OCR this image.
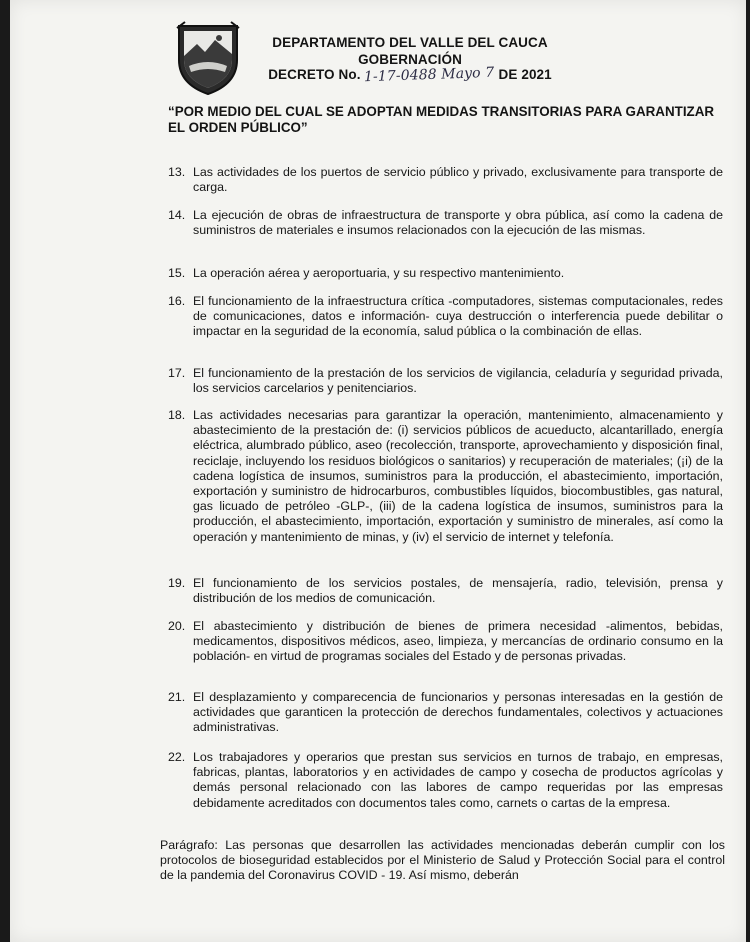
DEPARTAMENTO DEL VALLE DEL CAUCA
GOBERNACIÓN
DECRETO No. 1-17-0488 Mayo 7 DE 2021
“POR MEDIO DEL CUAL SE ADOPTAN MEDIDAS TRANSITORIAS PARA GARANTIZAR EL ORDEN PÚBLICO”
13. Las actividades de los puertos de servicio público y privado, exclusivamente para transporte de carga.
14. La ejecución de obras de infraestructura de transporte y obra pública, así como la cadena de suministros de materiales e insumos relacionados con la ejecución de las mismas.
15. La operación aérea y aeroportuaria, y su respectivo mantenimiento.
16. El funcionamiento de la infraestructura crítica -computadores, sistemas computacionales, redes de comunicaciones, datos e información- cuya destrucción o interferencia puede debilitar o impactar en la seguridad de la economía, salud pública o la combinación de ellas.
17. El funcionamiento de la prestación de los servicios de vigilancia, celaduría y seguridad privada, los servicios carcelarios y penitenciarios.
18. Las actividades necesarias para garantizar la operación, mantenimiento, almacenamiento y abastecimiento de la prestación de: (i) servicios públicos de acueducto, alcantarillado, energía eléctrica, alumbrado público, aseo (recolección, transporte, aprovechamiento y disposición final, reciclaje, incluyendo los residuos biológicos o sanitarios) y recuperación de materiales; (¡i) de la cadena logística de insumos, suministros para la producción, el abastecimiento, importación, exportación y suministro de hidrocarburos, combustibles líquidos, biocombustibles, gas natural, gas licuado de petróleo -GLP-, (iii) de la cadena logística de insumos, suministros para la producción, el abastecimiento, importación, exportación y suministro de minerales, así como la operación y mantenimiento de minas, y (iv) el servicio de internet y telefonía.
19. El funcionamiento de los servicios postales, de mensajería, radio, televisión, prensa y distribución de los medios de comunicación.
20. El abastecimiento y distribución de bienes de primera necesidad -alimentos, bebidas, medicamentos, dispositivos médicos, aseo, limpieza, y mercancías de ordinario consumo en la población- en virtud de programas sociales del Estado y de personas privadas.
21. El desplazamiento y comparecencia de funcionarios y personas interesadas en la gestión de actividades que garanticen la protección de derechos fundamentales, colectivos y actuaciones administrativas.
22. Los trabajadores y operarios que prestan sus servicios en turnos de trabajo, en empresas, fabricas, plantas, laboratorios y en actividades de campo y cosecha de productos agrícolas y demás personal relacionado con las labores de campo requeridas por las empresas debidamente acreditados con documentos tales como, carnets o cartas de la empresa.
Parágrafo: Las personas que desarrollen las actividades mencionadas deberán cumplir con los protocolos de bioseguridad establecidos por el Ministerio de Salud y Protección Social para el control de la pandemia del Coronavirus COVID - 19. Así mismo, deberán
